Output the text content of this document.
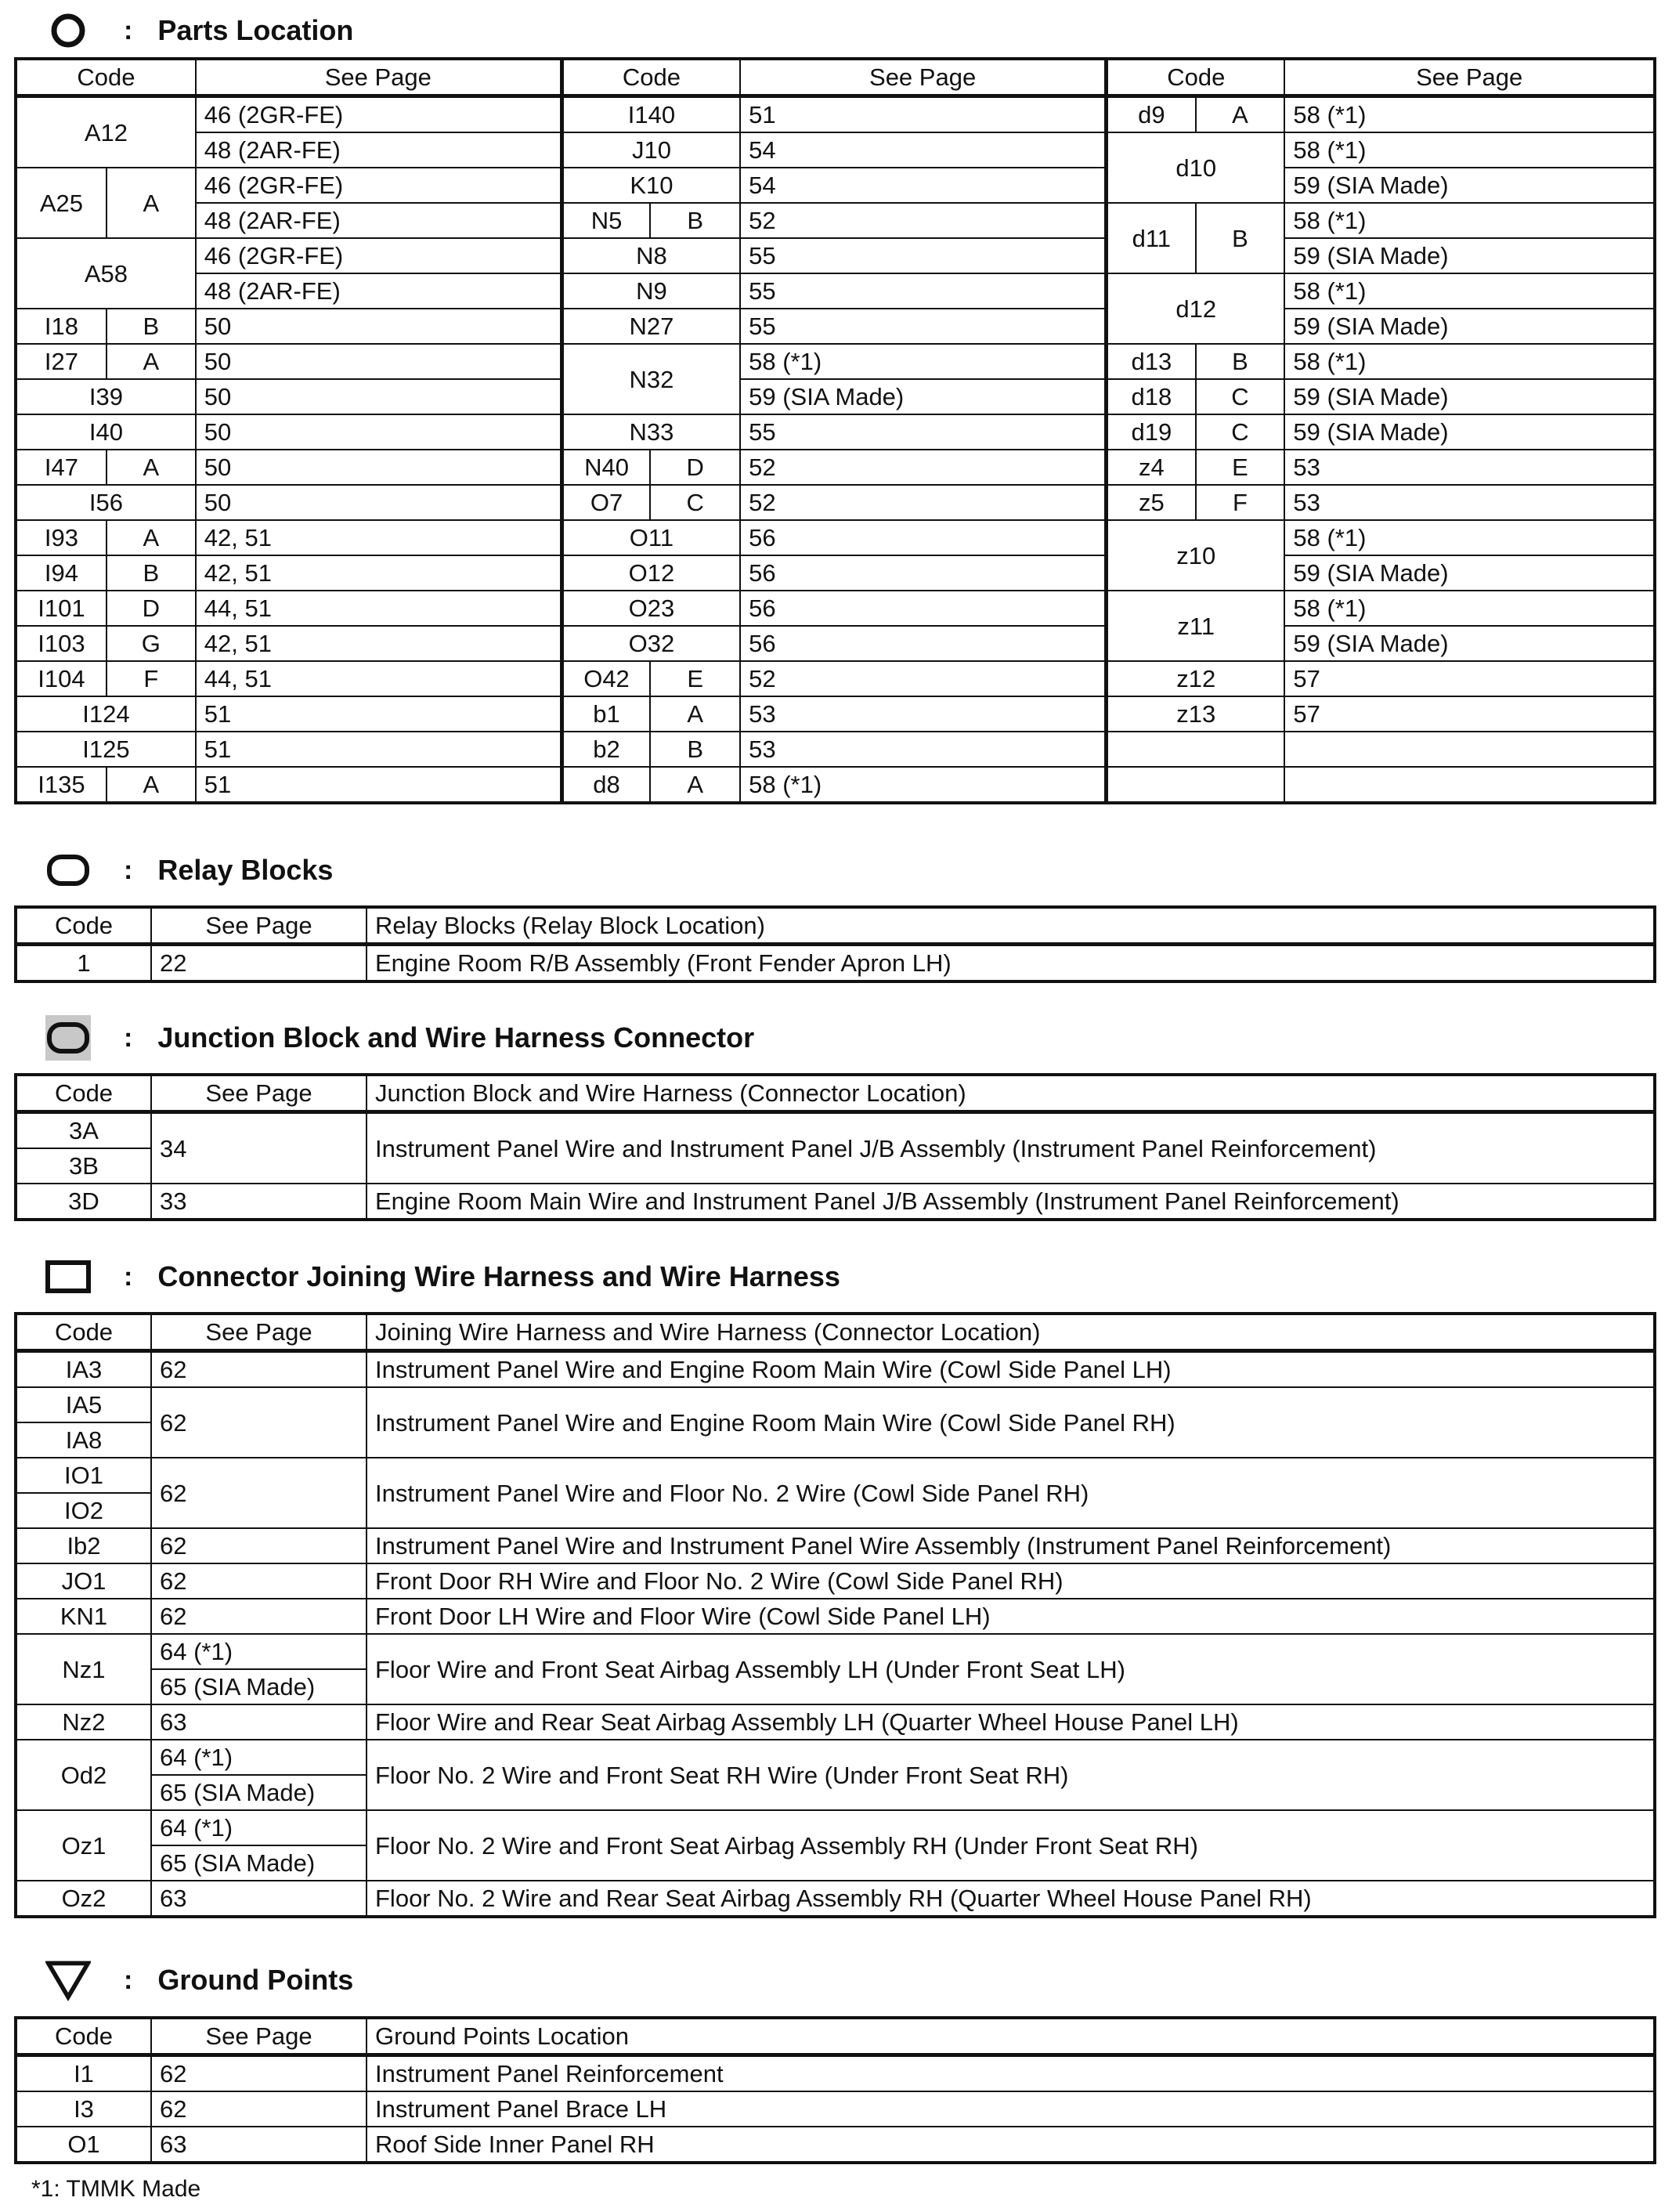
: Parts Location
Code		See Page	Code		See Page	Code		See Page
A12		46 (2GR-FE)	I140		51	d9	A	58 (*1)
		48 (2AR-FE)	J10		54	d10		58 (*1)
A25	A	46 (2GR-FE)	K10		54			59 (SIA Made)
		48 (2AR-FE)	N5	B	52	d11	B	58 (*1)
A58		46 (2GR-FE)	N8		55			59 (SIA Made)
		48 (2AR-FE)	N9		55	d12		58 (*1)
I18	B	50	N27		55			59 (SIA Made)
I27	A	50	N32		58 (*1)	d13	B	58 (*1)
I39		50			59 (SIA Made)	d18	C	59 (SIA Made)
I40		50	N33		55	d19	C	59 (SIA Made)
I47	A	50	N40	D	52	z4	E	53
I56		50	O7	C	52	z5	F	53
I93	A	42, 51	O11		56	z10		58 (*1)
I94	B	42, 51	O12		56			59 (SIA Made)
I101	D	44, 51	O23		56	z11		58 (*1)
I103	G	42, 51	O32		56			59 (SIA Made)
I104	F	44, 51	O42	E	52	z12		57
I124		51	b1	A	53	z13		57
I125		51	b2	B	53			
I135	A	51	d8	A	58 (*1)			
: Relay Blocks
Code	See Page	Relay Blocks (Relay Block Location)
1	22	Engine Room R/B Assembly (Front Fender Apron LH)
: Junction Block and Wire Harness Connector
Code	See Page	Junction Block and Wire Harness (Connector Location)
3A	34	Instrument Panel Wire and Instrument Panel J/B Assembly (Instrument Panel Reinforcement)
3B		
3D	33	Engine Room Main Wire and Instrument Panel J/B Assembly (Instrument Panel Reinforcement)
: Connector Joining Wire Harness and Wire Harness
Code	See Page	Joining Wire Harness and Wire Harness (Connector Location)
IA3	62	Instrument Panel Wire and Engine Room Main Wire (Cowl Side Panel LH)
IA5	62	Instrument Panel Wire and Engine Room Main Wire (Cowl Side Panel RH)
IA8		
IO1	62	Instrument Panel Wire and Floor No. 2 Wire (Cowl Side Panel RH)
IO2		
Ib2	62	Instrument Panel Wire and Instrument Panel Wire Assembly (Instrument Panel Reinforcement)
JO1	62	Front Door RH Wire and Floor No. 2 Wire (Cowl Side Panel RH)
KN1	62	Front Door LH Wire and Floor Wire (Cowl Side Panel LH)
Nz1	64 (*1)	Floor Wire and Front Seat Airbag Assembly LH (Under Front Seat LH)
	65 (SIA Made)	
Nz2	63	Floor Wire and Rear Seat Airbag Assembly LH (Quarter Wheel House Panel LH)
Od2	64 (*1)	Floor No. 2 Wire and Front Seat RH Wire (Under Front Seat RH)
	65 (SIA Made)	
Oz1	64 (*1)	Floor No. 2 Wire and Front Seat Airbag Assembly RH (Under Front Seat RH)
	65 (SIA Made)	
Oz2	63	Floor No. 2 Wire and Rear Seat Airbag Assembly RH (Quarter Wheel House Panel RH)
: Ground Points
Code	See Page	Ground Points Location
I1	62	Instrument Panel Reinforcement
I3	62	Instrument Panel Brace LH
O1	63	Roof Side Inner Panel RH
*1: TMMK Made
